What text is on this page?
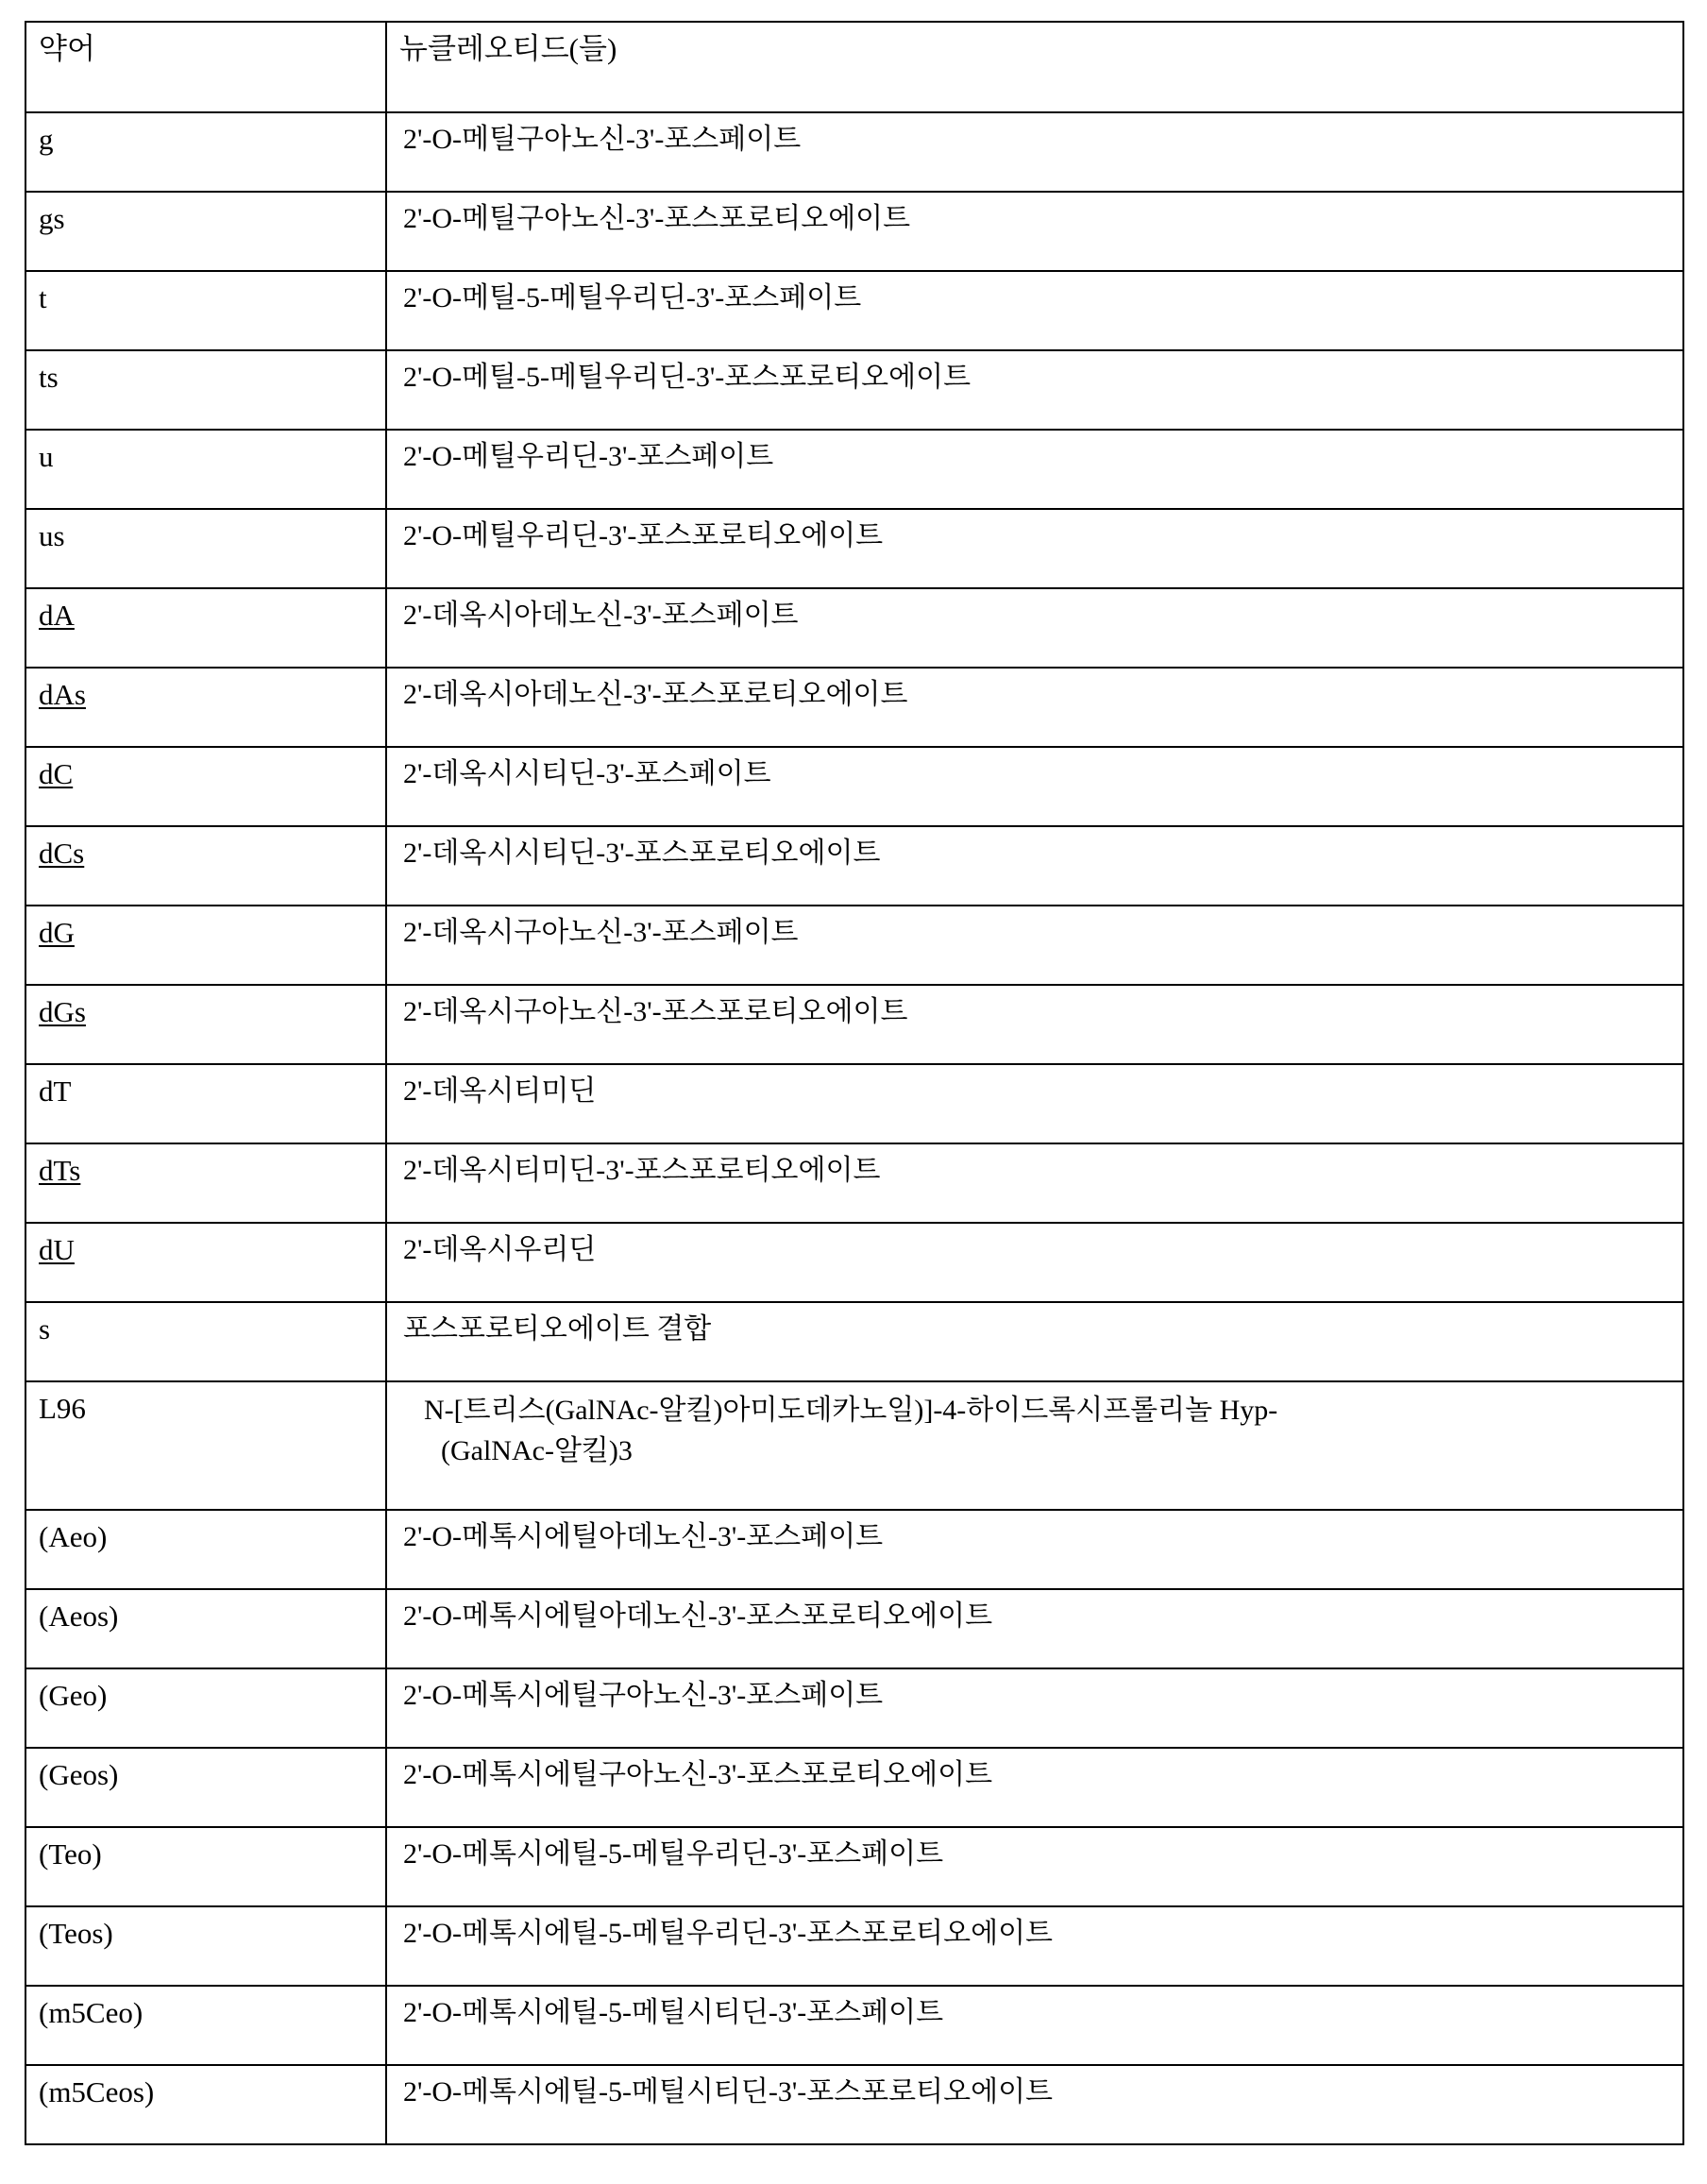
약어	뉴클레오티드(들)
g	2'-O-메틸구아노신-3'-포스페이트

gs	2'-O-메틸구아노신-3'-포스포로티오에이트

t	2'-O-메틸-5-메틸우리딘-3'-포스페이트

ts	2'-O-메틸-5-메틸우리딘-3'-포스포로티오에이트

u	2'-O-메틸우리딘-3'-포스페이트

us	2'-O-메틸우리딘-3'-포스포로티오에이트

dA	2'-데옥시아데노신-3'-포스페이트

dAs	2'-데옥시아데노신-3'-포스포로티오에이트

dC	2'-데옥시시티딘-3'-포스페이트

dCs	2'-데옥시시티딘-3'-포스포로티오에이트

dG	2'-데옥시구아노신-3'-포스페이트

dGs	2'-데옥시구아노신-3'-포스포로티오에이트

dT	2'-데옥시티미딘

dTs	2'-데옥시티미딘-3'-포스포로티오에이트

dU	2'-데옥시우리딘

s	포스포로티오에이트 결합

L96	N-[트리스(GalNAc-알킬)아미도데카노일)]-4-하이드록시프롤리놀 Hyp-
(GalNAc-알킬)3

(Aeo)	2'-O-메톡시에틸아데노신-3'-포스페이트

(Aeos)	2'-O-메톡시에틸아데노신-3'-포스포로티오에이트

(Geo)	2'-O-메톡시에틸구아노신-3'-포스페이트

(Geos)	2'-O-메톡시에틸구아노신-3'-포스포로티오에이트

(Teo)	2'-O-메톡시에틸-5-메틸우리딘-3'-포스페이트

(Teos)	2'-O-메톡시에틸-5-메틸우리딘-3'-포스포로티오에이트

(m5Ceo)	2'-O-메톡시에틸-5-메틸시티딘-3'-포스페이트

(m5Ceos)	2'-O-메톡시에틸-5-메틸시티딘-3'-포스포로티오에이트
